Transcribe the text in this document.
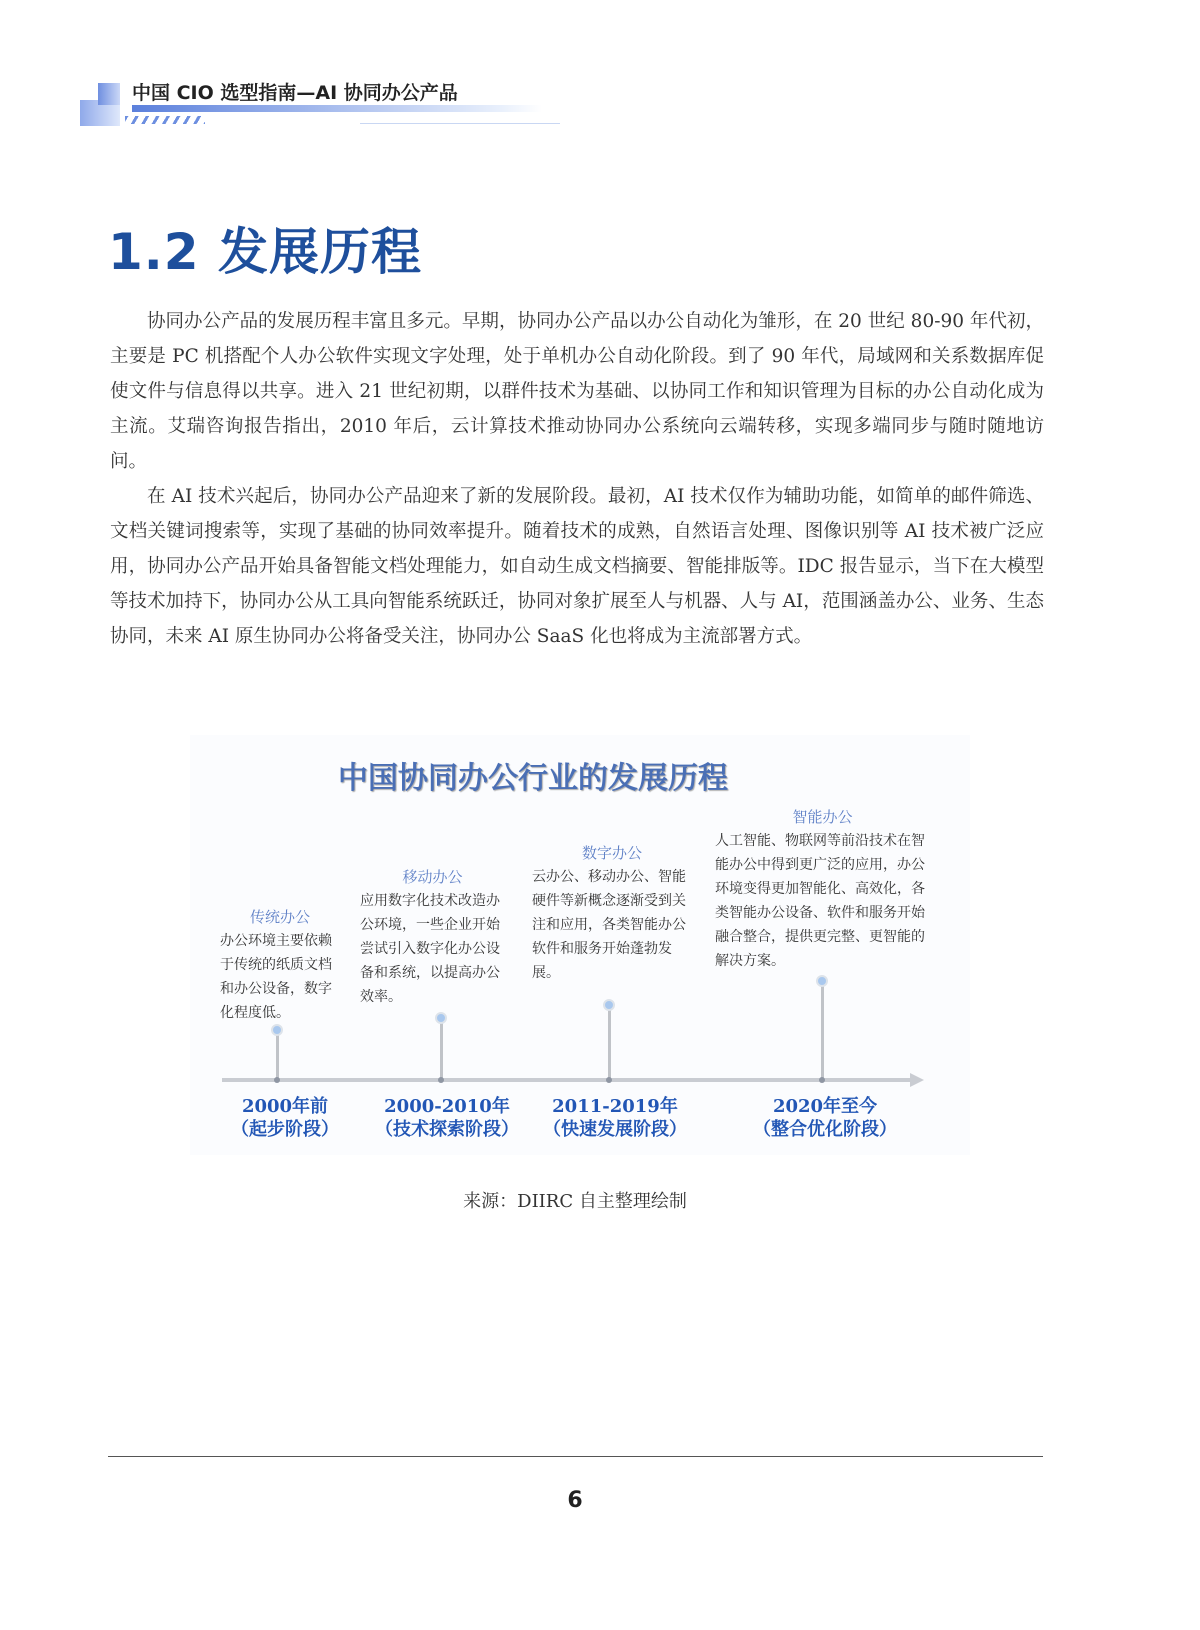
中国 CIO 选型指南—AI 协同办公产品
1.2 发展历程

协同办公产品的发展历程丰富且多元。早期，协同办公产品以办公自动化为雏形，在 20 世纪 80-90 年代初，主要是 PC 机搭配个人办公软件实现文字处理，处于单机办公自动化阶段。到了 90 年代，局域网和关系数据库促使文件与信息得以共享。进入 21 世纪初期，以群件技术为基础、以协同工作和知识管理为目标的办公自动化成为主流。艾瑞咨询报告指出，2010 年后，云计算技术推动协同办公系统向云端转移，实现多端同步与随时随地访问。

在 AI 技术兴起后，协同办公产品迎来了新的发展阶段。最初，AI 技术仅作为辅助功能，如简单的邮件筛选、文档关键词搜索等，实现了基础的协同效率提升。随着技术的成熟，自然语言处理、图像识别等 AI 技术被广泛应用，协同办公产品开始具备智能文档处理能力，如自动生成文档摘要、智能排版等。IDC 报告显示，当下在大模型等技术加持下，协同办公从工具向智能系统跃迁，协同对象扩展至人与机器、人与 AI，范围涵盖办公、业务、生态协同，未来 AI 原生协同办公将备受关注，协同办公 SaaS 化也将成为主流部署方式。

中国协同办公行业的发展历程
传统办公
办公环境主要依赖于传统的纸质文档和办公设备，数字化程度低。
移动办公
应用数字化技术改造办公环境，一些企业开始尝试引入数字化办公设备和系统，以提高办公效率。
数字办公
云办公、移动办公、智能硬件等新概念逐渐受到关注和应用，各类智能办公软件和服务开始蓬勃发展。
智能办公
人工智能、物联网等前沿技术在智能办公中得到更广泛的应用，办公环境变得更加智能化、高效化，各类智能办公设备、软件和服务开始融合整合，提供更完整、更智能的解决方案。
2000年前
（起步阶段）
2000-2010年
（技术探索阶段）
2011-2019年
（快速发展阶段）
2020年至今
（整合优化阶段）
来源：DIIRC 自主整理绘制
6
